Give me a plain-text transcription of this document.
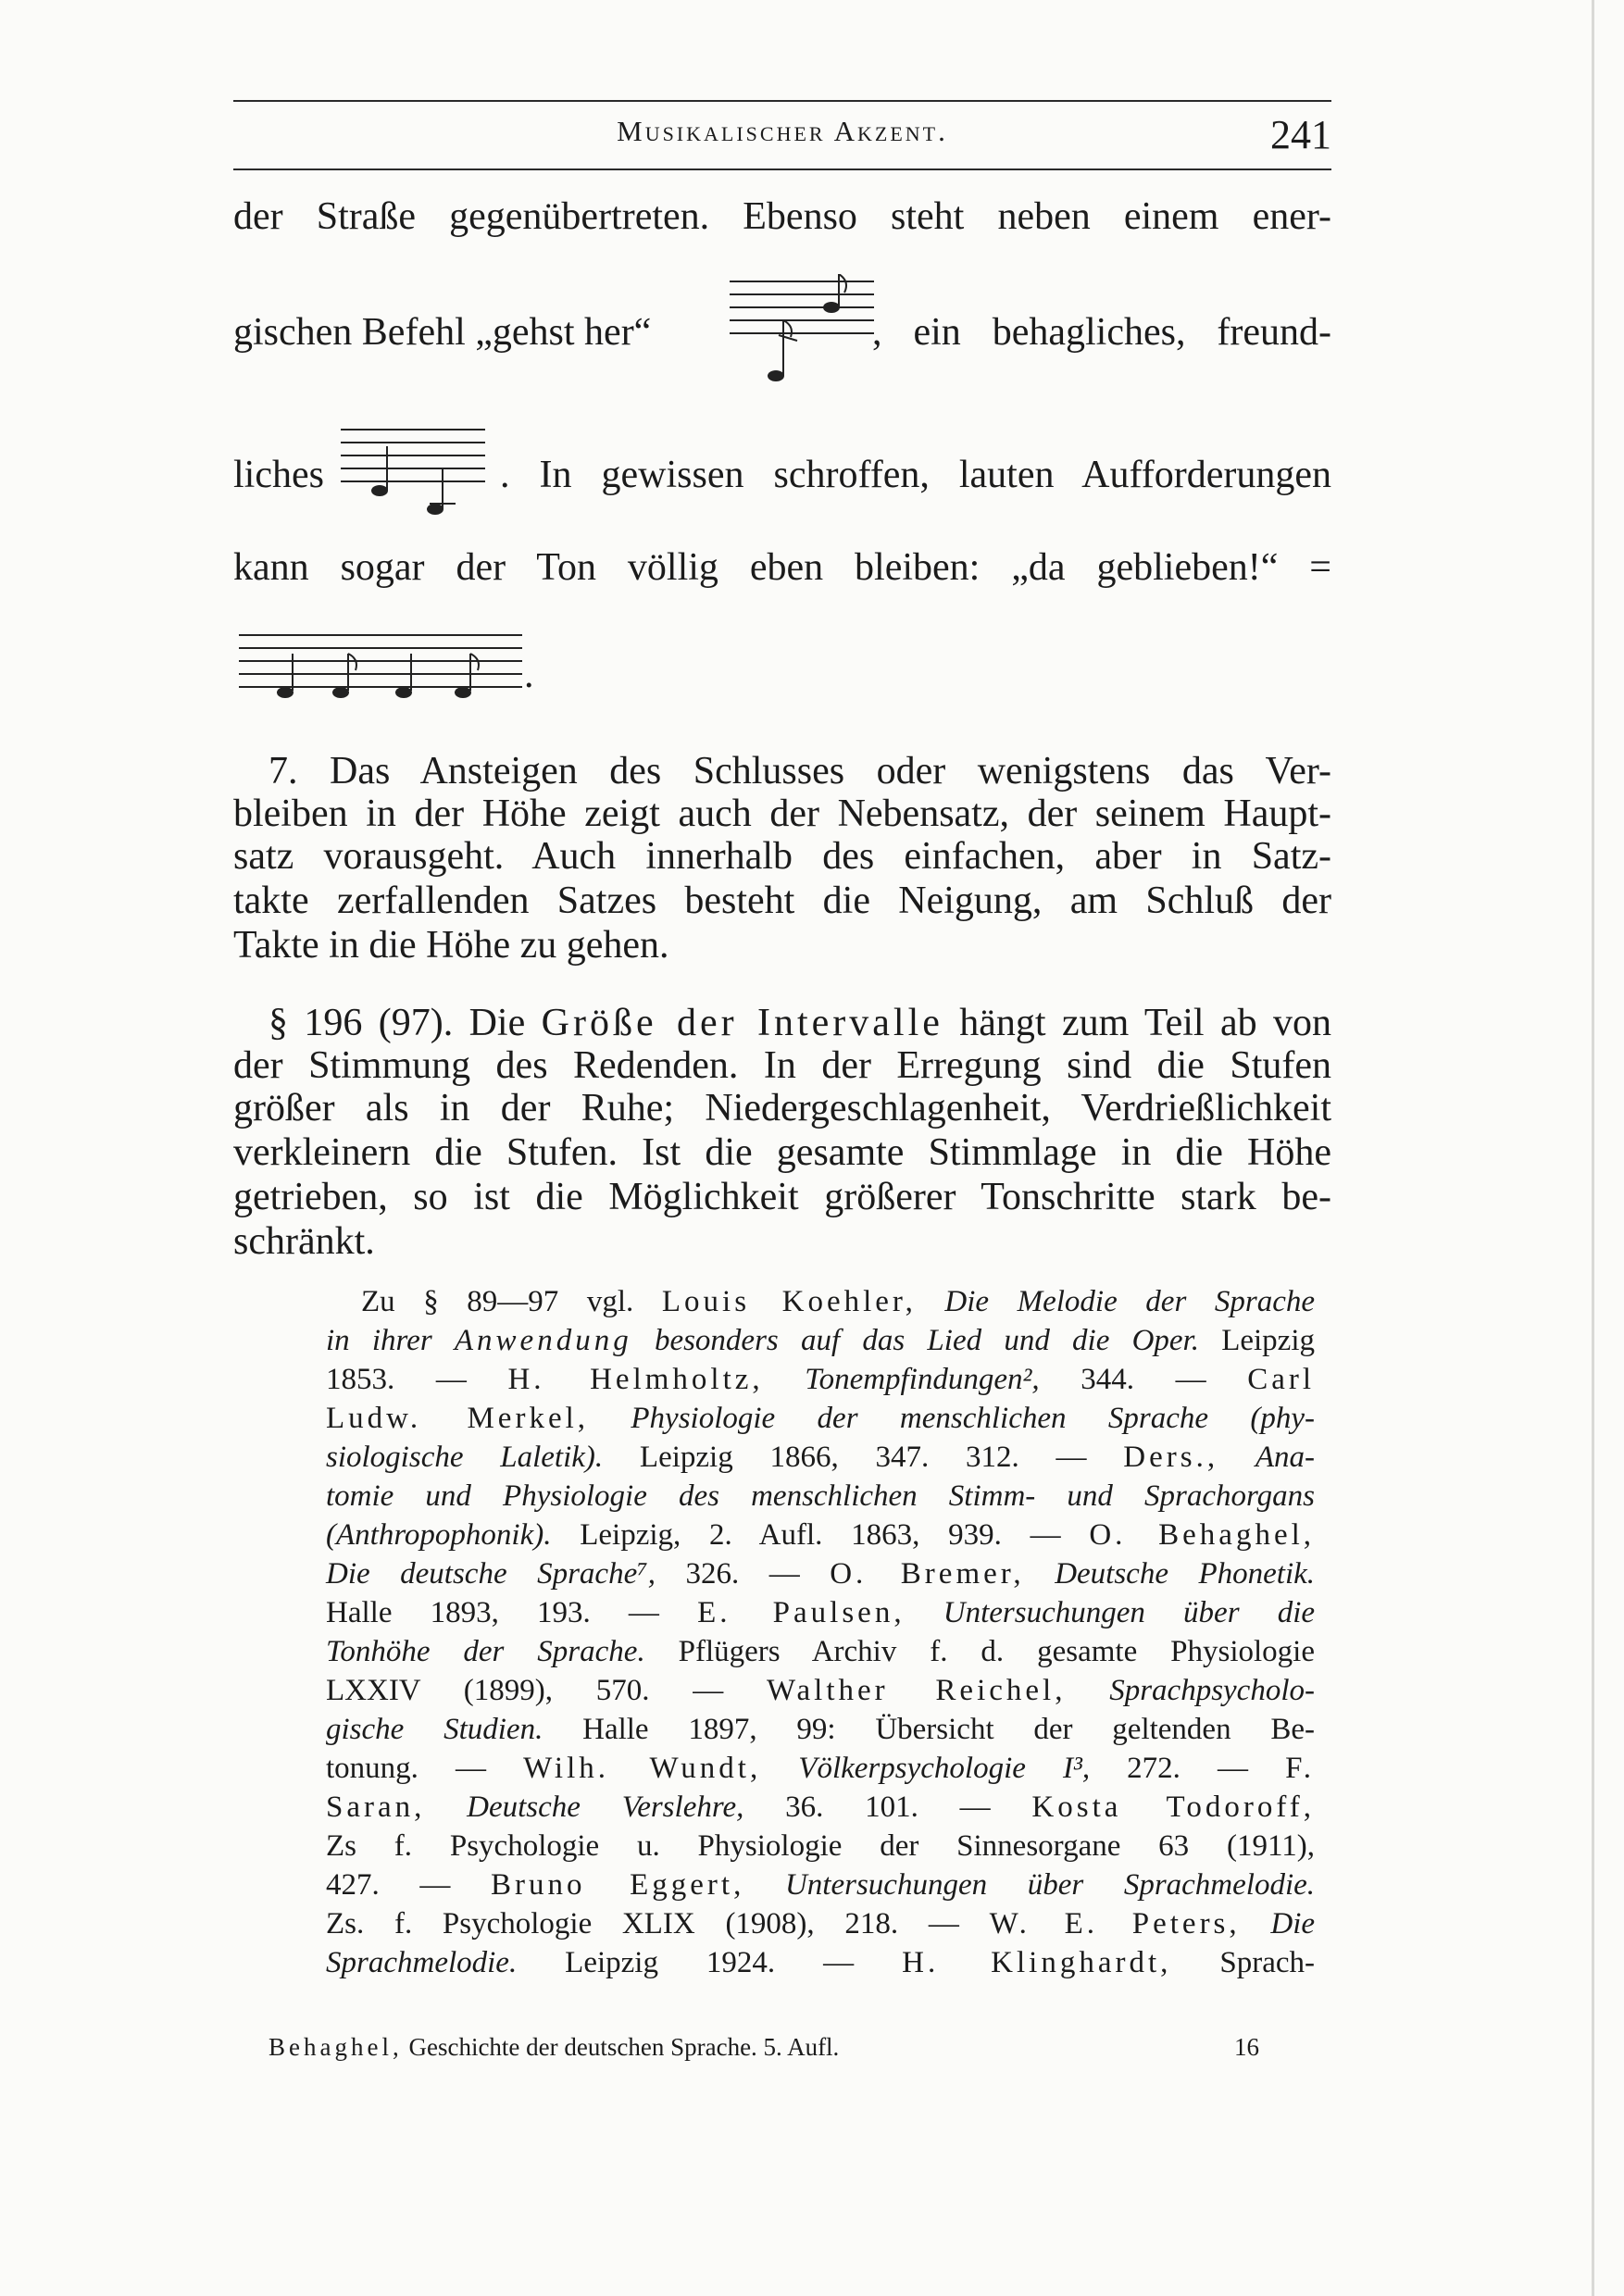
Musikalischer Akzent.	241
der Straße gegenübertreten. Ebenso steht neben einem ener-
gischen Befehl „gehst her“	, ein behagliches, freund-
liches	. In gewissen schroffen, lauten Aufforderungen
kann sogar der Ton völlig eben bleiben: „da geblieben!“ =
.
7. Das Ansteigen des Schlusses oder wenigstens das Ver-
bleiben in der Höhe zeigt auch der Nebensatz, der seinem Haupt-
satz vorausgeht. Auch innerhalb des einfachen, aber in Satz-
takte zerfallenden Satzes besteht die Neigung, am Schluß der
Takte in die Höhe zu gehen.
§ 196 (97). Die Größe der Intervalle hängt zum Teil ab von
der Stimmung des Redenden. In der Erregung sind die Stufen
größer als in der Ruhe; Niedergeschlagenheit, Verdrießlichkeit
verkleinern die Stufen. Ist die gesamte Stimmlage in die Höhe
getrieben, so ist die Möglichkeit größerer Tonschritte stark be-
schränkt.
Zu § 89—97 vgl. Louis Koehler, Die Melodie der Sprache
in ihrer Anwendung besonders auf das Lied und die Oper. Leipzig
1853. — H. Helmholtz, Tonempfindungen², 344. — Carl
Ludw. Merkel, Physiologie der menschlichen Sprache (phy-
siologische Laletik). Leipzig 1866, 347. 312. — Ders., Ana-
tomie und Physiologie des menschlichen Stimm- und Sprachorgans
(Anthropophonik). Leipzig, 2. Aufl. 1863, 939. — O. Behaghel,
Die deutsche Sprache⁷, 326. — O. Bremer, Deutsche Phonetik.
Halle 1893, 193. — E. Paulsen, Untersuchungen über die
Tonhöhe der Sprache. Pflügers Archiv f. d. gesamte Physiologie
LXXIV (1899), 570. — Walther Reichel, Sprachpsycholo-
gische Studien. Halle 1897, 99: Übersicht der geltenden Be-
tonung. — Wilh. Wundt, Völkerpsychologie I³, 272. — F.
Saran, Deutsche Verslehre, 36. 101. — Kosta Todoroff,
Zs f. Psychologie u. Physiologie der Sinnesorgane 63 (1911),
427. — Bruno Eggert, Untersuchungen über Sprachmelodie.
Zs. f. Psychologie XLIX (1908), 218. — W. E. Peters, Die
Sprachmelodie. Leipzig 1924. — H. Klinghardt, Sprach-
Behaghel, Geschichte der deutschen Sprache. 5. Aufl.	16
